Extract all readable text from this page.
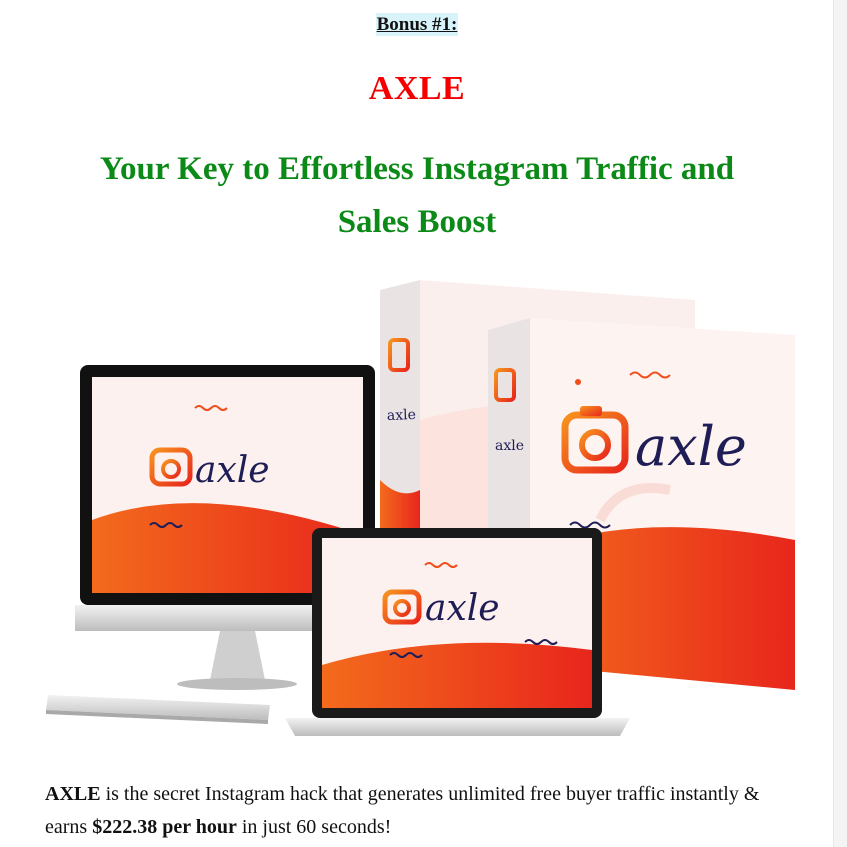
Bonus #1:
AXLE
Your Key to Effortless Instagram Traffic and Sales Boost
axle
axle axle
axle
axle
AXLE is the secret Instagram hack that generates unlimited free buyer traffic instantly & earns $222.38 per hour in just 60 seconds!
